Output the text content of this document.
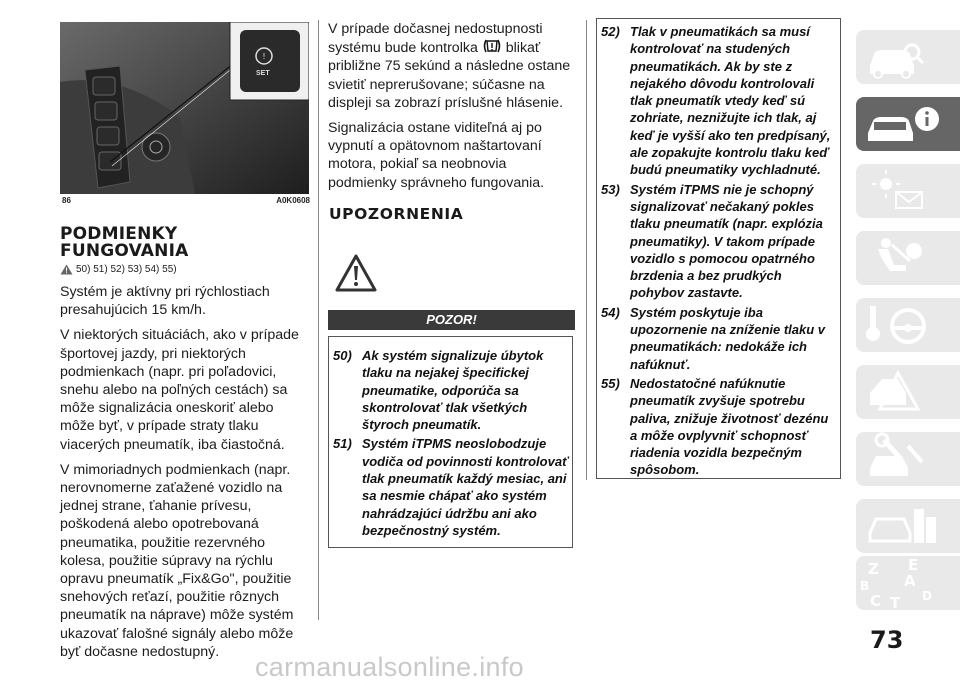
!
SET
86	A0K0608
PODMIENKY
FUNGOVANIA
50) 51) 52) 53) 54) 55)

Systém je aktívny pri rýchlostiach presahujúcich 15 km/h.

V niektorých situáciách, ako v prípade športovej jazdy, pri niektorých podmienkach (napr. pri poľadovici, snehu alebo na poľných cestách) sa môže signalizácia oneskoriť alebo môže byť, v prípade straty tlaku viacerých pneumatík, iba čiastočná.

V mimoriadnych podmienkach (napr. nerovnomerne zaťažené vozidlo na jednej strane, ťahanie prívesu, poškodená alebo opotrebovaná pneumatika, použitie rezervného kolesa, použitie súpravy na rýchlu opravu pneumatík „Fix&Go", použitie snehových reťazí, použitie rôznych pneumatík na nápravе) môže systém ukazovať falošné signály alebo môže byť dočasne nedostupný.

V prípade dočasnej nedostupnosti systému bude kontrolka blikať približne 75 sekúnd a následne ostane svietiť neprerušovane; súčasne na displeji sa zobrazí príslušné hlásenie.

Signalizácia ostane viditeľná aj po vypnutí a opätovnom naštartovaní motora, pokiaľ sa neobnovia podmienky správneho fungovania.

UPOZORNENIA
POZOR!
50) Ak systém signalizuje úbytok tlaku na nejakej špecifickej pneumatike, odporúča sa skontrolovať tlak všetkých štyroch pneumatík.
51) Systém iTPMS neoslobodzuje vodiča od povinnosti kontrolovať tlak pneumatík každý mesiac, ani sa nesmie chápať ako systém nahrádzajúci údržbu ani ako bezpečnostný systém.
52) Tlak v pneumatikách sa musí kontrolovať na studených pneumatikách. Ak by ste z nejakého dôvodu kontrolovali tlak pneumatík vtedy keď sú zohriate, neznižujte ich tlak, aj keď je vyšší ako ten predpísaný, ale zopakujte kontrolu tlaku keď budú pneumatiky vychladnuté.
53) Systém iTPMS nie je schopný signalizovať nečakaný pokles tlaku pneumatík (napr. explózia pneumatiky). V takom prípade vozidlo s pomocou opatrného brzdenia a bez prudkých pohybov zastavte.
54) Systém poskytuje iba upozornenie na zníženie tlaku v pneumatikách: nedokáže ich nafúknuť.
55) Nedostatočné nafúknutie pneumatík zvyšuje spotrebu paliva, znižuje životnosť dezénu a môže ovplyvniť schopnosť riadenia vozidla bezpečným spôsobom.
Z E
B A
C T D
73
carmanualsonline.info
